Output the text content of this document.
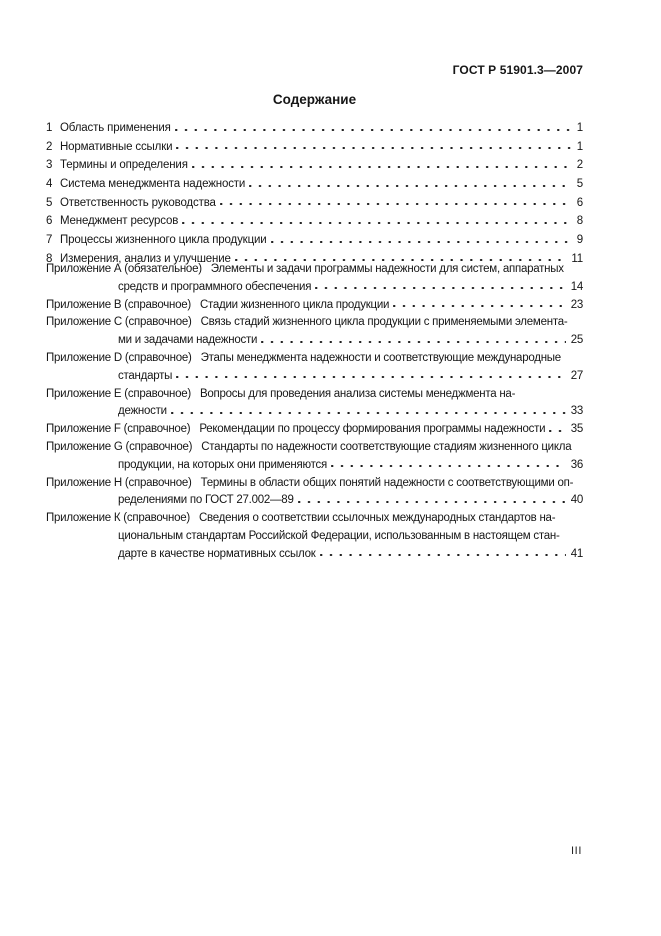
ГОСТ Р 51901.3—2007
Содержание
1 Область применения	1
2 Нормативные ссылки	1
3 Термины и определения	2
4 Система менеджмента надежности	5
5 Ответственность руководства	6
6 Менеджмент ресурсов	8
7 Процессы жизненного цикла продукции	9
8 Измерения, анализ и улучшение	11
Приложение А (обязательное) Элементы и задачи программы надежности для систем, аппаратных
средств и программного обеспечения	14
Приложение В (справочное) Стадии жизненного цикла продукции	23
Приложение С (справочное) Связь стадий жизненного цикла продукции с применяемыми элемента-
ми и задачами надежности	25
Приложение D (справочное) Этапы менеджмента надежности и соответствующие международные
стандарты	27
Приложение Е (справочное) Вопросы для проведения анализа системы менеджмента на-
дежности	33
Приложение F (справочное) Рекомендации по процессу формирования программы надежности 35
Приложение G (справочное) Стандарты по надежности соответствующие стадиям жизненного цикла
продукции, на которых они применяются	36
Приложение Н (справочное) Термины в области общих понятий надежности с соответствующими оп-
ределениями по ГОСТ 27.002—89	40
Приложение К (справочное) Сведения о соответствии ссылочных международных стандартов на-
циональным стандартам Российской Федерации, использованным в настоящем стан-
дарте в качестве нормативных ссылок	41
III
